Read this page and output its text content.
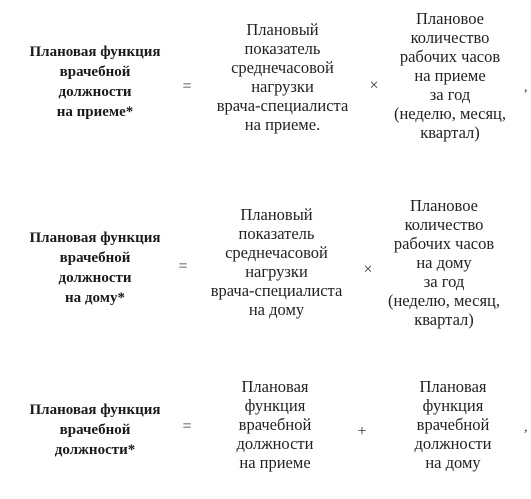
Плановая функция
врачебной
должности
на приеме*
=
Плановый
показатель
среднечасовой
нагрузки
врача-специалиста
на приеме.
×
Плановое
количество
рабочих часов
на приеме
за год
(неделю, месяц,
квартал)
,
Плановая функция
врачебной
должности
на дому*
=
Плановый
показатель
среднечасовой
нагрузки
врача-специалиста
на дому
×
Плановое
количество
рабочих часов
на дому
за год
(неделю, месяц,
квартал)
Плановая функция
врачебной
должности*
=
Плановая
функция
врачебной
должности
на приеме
+
Плановая
функция
врачебной
должности
на дому
,
